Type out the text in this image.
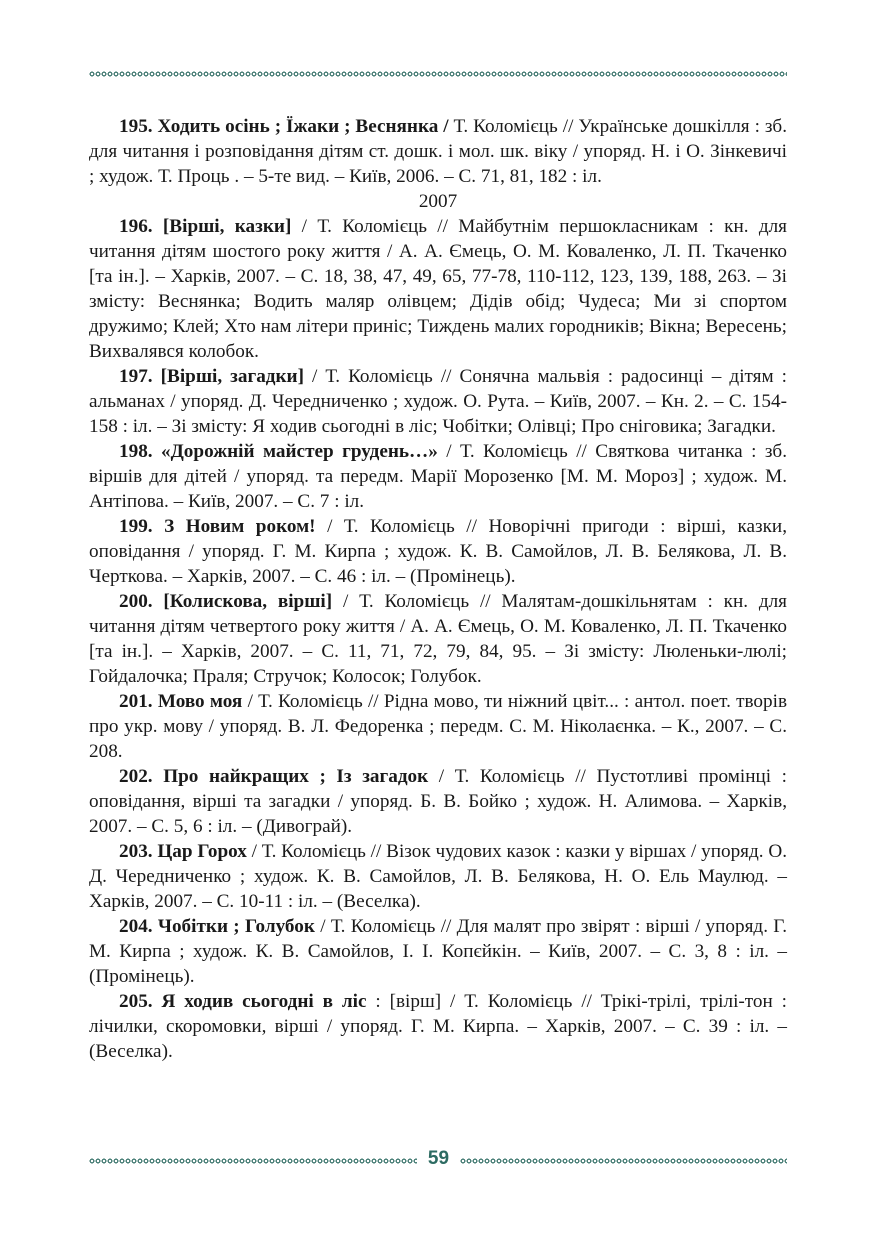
195. Ходить осінь ; Їжаки ; Веснянка / Т. Коломієць // Українське дошкілля : зб. для читання і розповідання дітям ст. дошк. і мол. шк. віку / упоряд. Н. і О. Зінкевичі ; худож. Т. Проць . – 5-те вид. – Київ, 2006. – С. 71, 81, 182 : іл.

2007

196. [Вірші, казки] / Т. Коломієць // Майбутнім першокласникам : кн. для читання дітям шостого року життя / А. А. Ємець, О. М. Коваленко, Л. П. Ткаченко [та ін.]. – Харків, 2007. – С. 18, 38, 47, 49, 65, 77-78, 110-112, 123, 139, 188, 263. – Зі змісту: Веснянка; Водить маляр олівцем; Дідів обід; Чудеса; Ми зі спортом дружимо; Клей; Хто нам літери приніс; Тиждень малих городників; Вікна; Вересень; Вихвалявся колобок.

197. [Вірші, загадки] / Т. Коломієць // Сонячна мальвія : радосинці – дітям : альманах / упоряд. Д. Чередниченко ; худож. О. Рута. – Київ, 2007. – Кн. 2. – С. 154-158 : іл. – Зі змісту: Я ходив сьогодні в ліс; Чобітки; Олівці; Про сніговика; Загадки.

198. «Дорожній майстер грудень…» / Т. Коломієць // Святкова читанка : зб. віршів для дітей / упоряд. та передм. Марії Морозенко [М. М. Мороз] ; худож. М. Антіпова. – Київ, 2007. – С. 7 : іл.

199. З Новим роком! / Т. Коломієць // Новорічні пригоди : вірші, казки, оповідання / упоряд. Г. М. Кирпа ; худож. К. В. Самойлов, Л. В. Белякова, Л. В. Черткова. – Харків, 2007. – С. 46 : іл. – (Промінець).

200. [Колискова, вірші] / Т. Коломієць // Малятам-дошкільнятам : кн. для читання дітям четвертого року життя / А. А. Ємець, О. М. Коваленко, Л. П. Ткаченко [та ін.]. – Харків, 2007. – С. 11, 71, 72, 79, 84, 95. – Зі змісту: Люленьки-люлі; Гойдалочка; Праля; Стручок; Колосок; Голубок.

201. Мово моя / Т. Коломієць // Рідна мово, ти ніжний цвіт... : антол. поет. творів про укр. мову / упоряд. В. Л. Федоренка ; передм. С. М. Ніколаєнка. – К., 2007. – С. 208.

202. Про найкращих ; Із загадок / Т. Коломієць // Пустотливі промінці : оповідання, вірші та загадки / упоряд. Б. В. Бойко ; худож. Н. Алимова. – Харків, 2007. – С. 5, 6 : іл. – (Дивограй).

203. Цар Горох / Т. Коломієць // Візок чудових казок : казки у віршах / упоряд. О. Д. Чередниченко ; худож. К. В. Самойлов, Л. В. Белякова, Н. О. Ель Маулюд. – Харків, 2007. – С. 10-11 : іл. – (Веселка).

204. Чобітки ; Голубок / Т. Коломієць // Для малят про звірят : вірші / упоряд. Г. М. Кирпа ; худож. К. В. Самойлов, І. І. Копєйкін. – Київ, 2007. – С. 3, 8 : іл. – (Промінець).

205. Я ходив сьогодні в ліс : [вірш] / Т. Коломієць // Трікі-трілі, трілі-тон : лічилки, скоромовки, вірші / упоряд. Г. М. Кирпа. – Харків, 2007. – С. 39 : іл. – (Веселка).

59
